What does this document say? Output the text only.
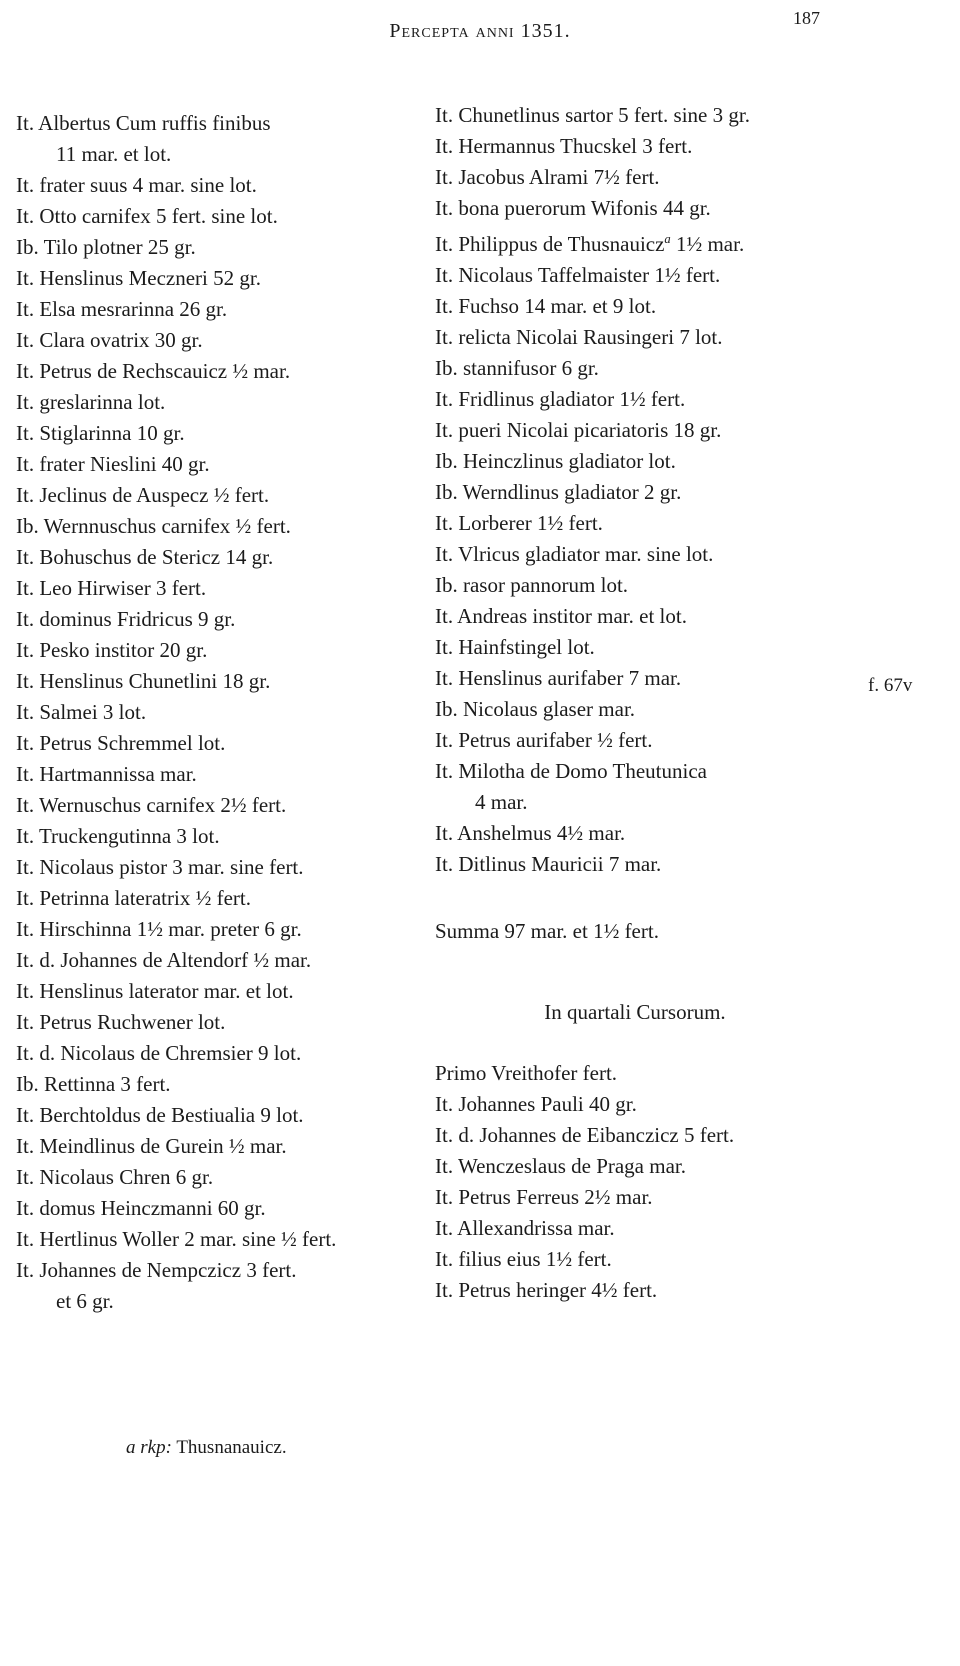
Percepta anni 1351.
187
It. Albertus Cum ruffis finibus
11 mar. et lot.
It. frater suus 4 mar. sine lot.
It. Otto carnifex 5 fert. sine lot.
Ib. Tilo plotner 25 gr.
It. Henslinus Meczneri 52 gr.
It. Elsa mesrarinna 26 gr.
It. Clara ovatrix 30 gr.
It. Petrus de Rechscauicz ½ mar.
It. greslarinna lot.
It. Stiglarinna 10 gr.
It. frater Nieslini 40 gr.
It. Jeclinus de Auspecz ½ fert.
Ib. Wernnuschus carnifex ½ fert.
It. Bohuschus de Stericz 14 gr.
It. Leo Hirwiser 3 fert.
It. dominus Fridricus 9 gr.
It. Pesko institor 20 gr.
It. Henslinus Chunetlini 18 gr.
It. Salmei 3 lot.
It. Petrus Schremmel lot.
It. Hartmannissa mar.
It. Wernuschus carnifex 2½ fert.
It. Truckengutinna 3 lot.
It. Nicolaus pistor 3 mar. sine fert.
It. Petrinna lateratrix ½ fert.
It. Hirschinna 1½ mar. preter 6 gr.
It. d. Johannes de Altendorf ½ mar.
It. Henslinus laterator mar. et lot.
It. Petrus Ruchwener lot.
It. d. Nicolaus de Chremsier 9 lot.
Ib. Rettinna 3 fert.
It. Berchtoldus de Bestiualia 9 lot.
It. Meindlinus de Gurein ½ mar.
It. Nicolaus Chren 6 gr.
It. domus Heinczmanni 60 gr.
It. Hertlinus Woller 2 mar. sine ½ fert.
It. Johannes de Nempczicz 3 fert.
et 6 gr.
It. Chunetlinus sartor 5 fert. sine 3 gr.
It. Hermannus Thucskel 3 fert.
It. Jacobus Alrami 7½ fert.
It. bona puerorum Wifonis 44 gr.
It. Philippus de Thusnauicz$^a$ 1½ mar.
It. Nicolaus Taffelmaister 1½ fert.
It. Fuchso 14 mar. et 9 lot.
It. relicta Nicolai Rausingeri 7 lot.
Ib. stannifusor 6 gr.
It. Fridlinus gladiator 1½ fert.
It. pueri Nicolai picariatoris 18 gr.
Ib. Heinczlinus gladiator lot.
Ib. Werndlinus gladiator 2 gr.
It. Lorberer 1½ fert.
It. Vlricus gladiator mar. sine lot.
Ib. rasor pannorum lot.
It. Andreas institor mar. et lot.
It. Hainfstingel lot.
It. Henslinus aurifaber 7 mar.
Ib. Nicolaus glaser mar.
It. Petrus aurifaber ½ fert.
It. Milotha de Domo Theutunica
4 mar.
It. Anshelmus 4½ mar.
It. Ditlinus Mauricii 7 mar.
Summa 97 mar. et 1½ fert.
In quartali Cursorum.
Primo Vreithofer fert.
It. Johannes Pauli 40 gr.
It. d. Johannes de Eibanczicz 5 fert.
It. Wenczeslaus de Praga mar.
It. Petrus Ferreus 2½ mar.
It. Allexandrissa mar.
It. filius eius 1½ fert.
It. Petrus heringer 4½ fert.
f. 67v
a rkp: Thusnanauicz.
